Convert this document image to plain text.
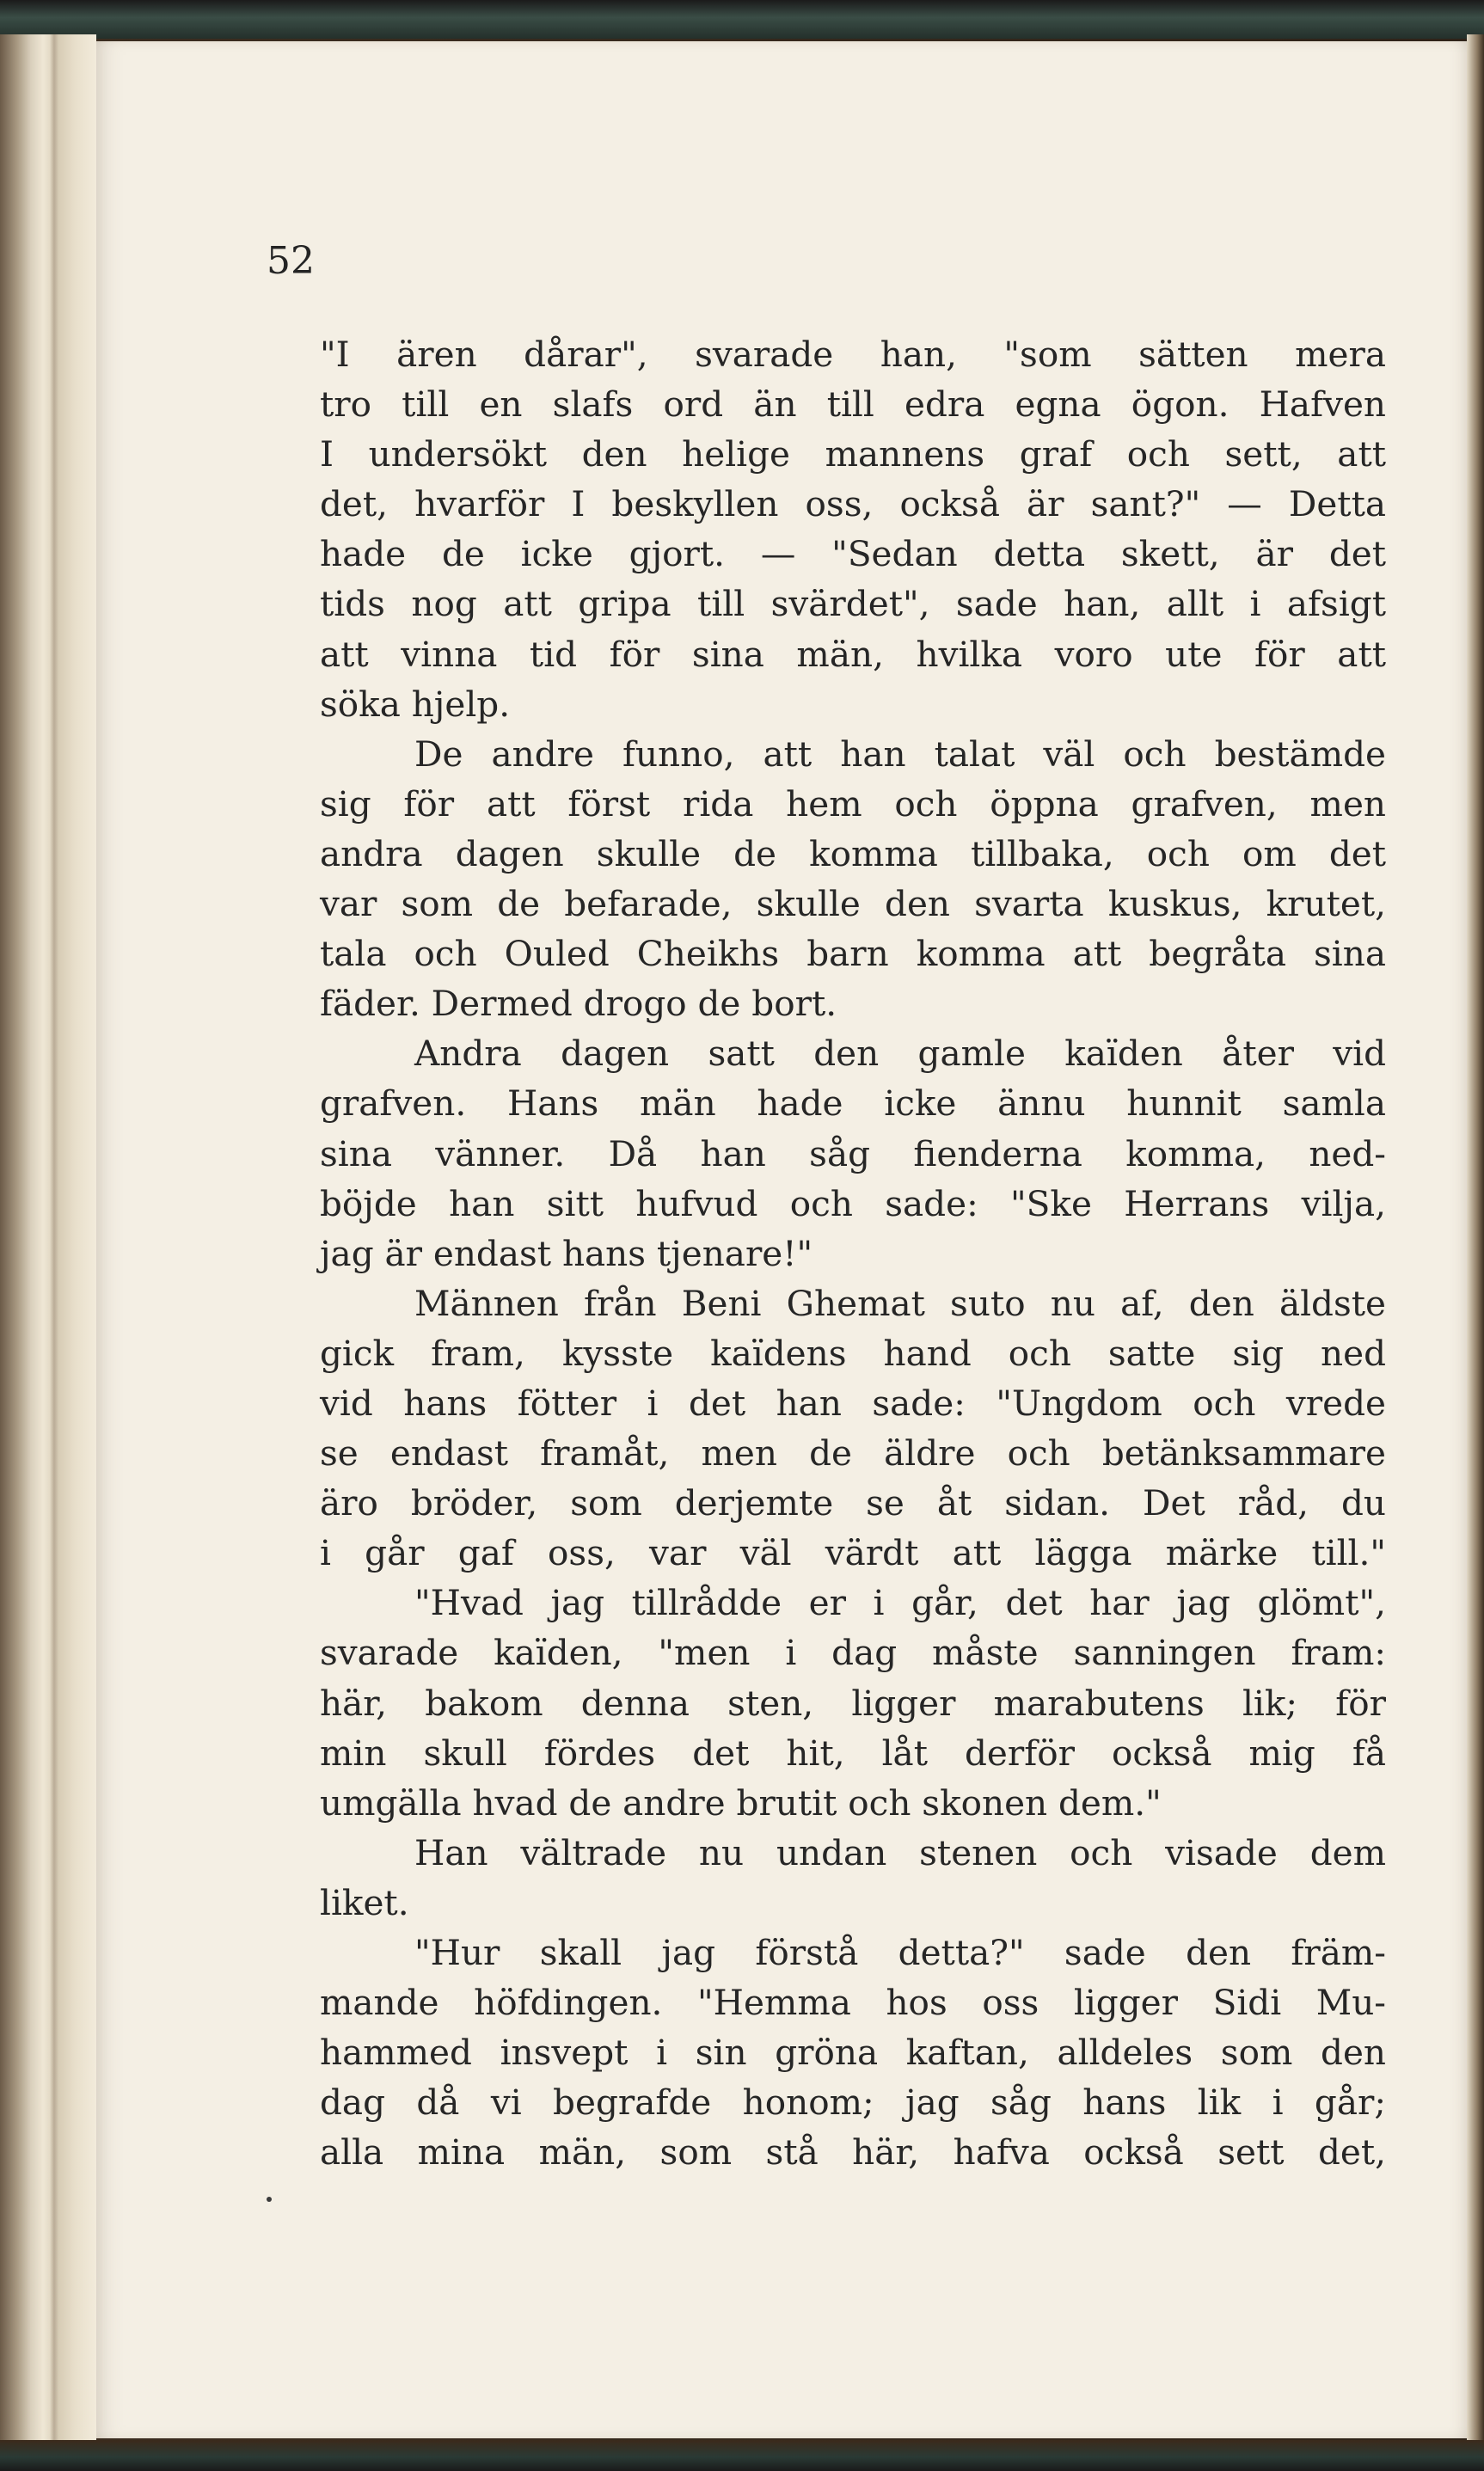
52

"I ären dårar", svarade han, "som sätten mera
tro till en slafs ord än till edra egna ögon. Hafven
I undersökt den helige mannens graf och sett, att
det, hvarför I beskyllen oss, också är sant?" — Detta
hade de icke gjort. — "Sedan detta skett, är det
tids nog att gripa till svärdet", sade han, allt i afsigt
att vinna tid för sina män, hvilka voro ute för att
söka hjelp.
De andre funno, att han talat väl och bestämde
sig för att först rida hem och öppna grafven, men
andra dagen skulle de komma tillbaka, och om det
var som de befarade, skulle den svarta kuskus, krutet,
tala och Ouled Cheikhs barn komma att begråta sina
fäder. Dermed drogo de bort.
Andra dagen satt den gamle kaïden åter vid
grafven. Hans män hade icke ännu hunnit samla
sina vänner. Då han såg fienderna komma, ned-
böjde han sitt hufvud och sade: "Ske Herrans vilja,
jag är endast hans tjenare!"
Männen från Beni Ghemat suto nu af, den äldste
gick fram, kysste kaïdens hand och satte sig ned
vid hans fötter i det han sade: "Ungdom och vrede
se endast framåt, men de äldre och betänksammare
äro bröder, som derjemte se åt sidan. Det råd, du
i går gaf oss, var väl värdt att lägga märke till."
"Hvad jag tillrådde er i går, det har jag glömt",
svarade kaïden, "men i dag måste sanningen fram:
här, bakom denna sten, ligger marabutens lik; för
min skull fördes det hit, låt derför också mig få
umgälla hvad de andre brutit och skonen dem."
Han vältrade nu undan stenen och visade dem
liket.
"Hur skall jag förstå detta?" sade den främ-
mande höfdingen. "Hemma hos oss ligger Sidi Mu-
hammed insvept i sin gröna kaftan, alldeles som den
dag då vi begrafde honom; jag såg hans lik i går;
alla mina män, som stå här, hafva också sett det,
